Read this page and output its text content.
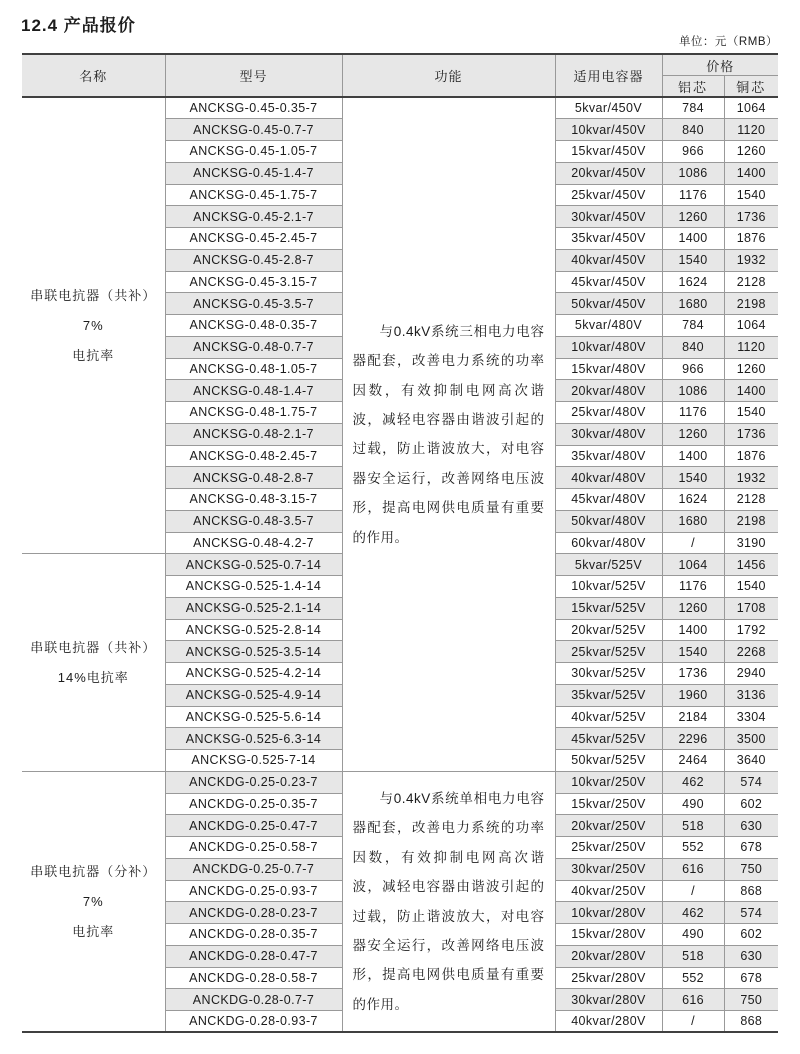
12.4 产品报价
单位：元（RMB）
名称	型号	功能	适用电容器	价格	
				铝芯	铜芯

串联电抗器（共补）7%
电抗率	ANCKSG-0.45-0.35-7	与0.4kV系统三相电力电容器配套，改善电力系统的功率因数，有效抑制电网高次谐波，减轻电容器由谐波引起的过载，防止谐波放大，对电容器安全运行，改善网络电压波形，提高电网供电质量有重要的作用。	5kvar/450V	784	1064
	ANCKSG-0.45-0.7-7		10kvar/450V	840	1120
	ANCKSG-0.45-1.05-7		15kvar/450V	966	1260
	ANCKSG-0.45-1.4-7		20kvar/450V	1086	1400
	ANCKSG-0.45-1.75-7		25kvar/450V	1176	1540
	ANCKSG-0.45-2.1-7		30kvar/450V	1260	1736
	ANCKSG-0.45-2.45-7		35kvar/450V	1400	1876
	ANCKSG-0.45-2.8-7		40kvar/450V	1540	1932
	ANCKSG-0.45-3.15-7		45kvar/450V	1624	2128
	ANCKSG-0.45-3.5-7		50kvar/450V	1680	2198
	ANCKSG-0.48-0.35-7		5kvar/480V	784	1064
	ANCKSG-0.48-0.7-7		10kvar/480V	840	1120
	ANCKSG-0.48-1.05-7		15kvar/480V	966	1260
	ANCKSG-0.48-1.4-7		20kvar/480V	1086	1400
	ANCKSG-0.48-1.75-7		25kvar/480V	1176	1540
	ANCKSG-0.48-2.1-7		30kvar/480V	1260	1736
	ANCKSG-0.48-2.45-7		35kvar/480V	1400	1876
	ANCKSG-0.48-2.8-7		40kvar/480V	1540	1932
	ANCKSG-0.48-3.15-7		45kvar/480V	1624	2128
	ANCKSG-0.48-3.5-7		50kvar/480V	1680	2198
	ANCKSG-0.48-4.2-7		60kvar/480V	/	3190

串联电抗器（共补）
14%电抗率	ANCKSG-0.525-0.7-14		5kvar/525V	1064	1456
	ANCKSG-0.525-1.4-14		10kvar/525V	1176	1540
	ANCKSG-0.525-2.1-14		15kvar/525V	1260	1708
	ANCKSG-0.525-2.8-14		20kvar/525V	1400	1792
	ANCKSG-0.525-3.5-14		25kvar/525V	1540	2268
	ANCKSG-0.525-4.2-14		30kvar/525V	1736	2940
	ANCKSG-0.525-4.9-14		35kvar/525V	1960	3136
	ANCKSG-0.525-5.6-14		40kvar/525V	2184	3304
	ANCKSG-0.525-6.3-14		45kvar/525V	2296	3500
	ANCKSG-0.525-7-14		50kvar/525V	2464	3640

串联电抗器（分补）7%
电抗率	ANCKDG-0.25-0.23-7	与0.4kV系统单相电力电容器配套，改善电力系统的功率因数，有效抑制电网高次谐波，减轻电容器由谐波引起的过载，防止谐波放大，对电容器安全运行，改善网络电压波形，提高电网供电质量有重要的作用。	10kvar/250V	462	574
	ANCKDG-0.25-0.35-7		15kvar/250V	490	602
	ANCKDG-0.25-0.47-7		20kvar/250V	518	630
	ANCKDG-0.25-0.58-7		25kvar/250V	552	678
	ANCKDG-0.25-0.7-7		30kvar/250V	616	750
	ANCKDG-0.25-0.93-7		40kvar/250V	/	868
	ANCKDG-0.28-0.23-7		10kvar/280V	462	574
	ANCKDG-0.28-0.35-7		15kvar/280V	490	602
	ANCKDG-0.28-0.47-7		20kvar/280V	518	630
	ANCKDG-0.28-0.58-7		25kvar/280V	552	678
	ANCKDG-0.28-0.7-7		30kvar/280V	616	750
	ANCKDG-0.28-0.93-7		40kvar/280V	/	868
